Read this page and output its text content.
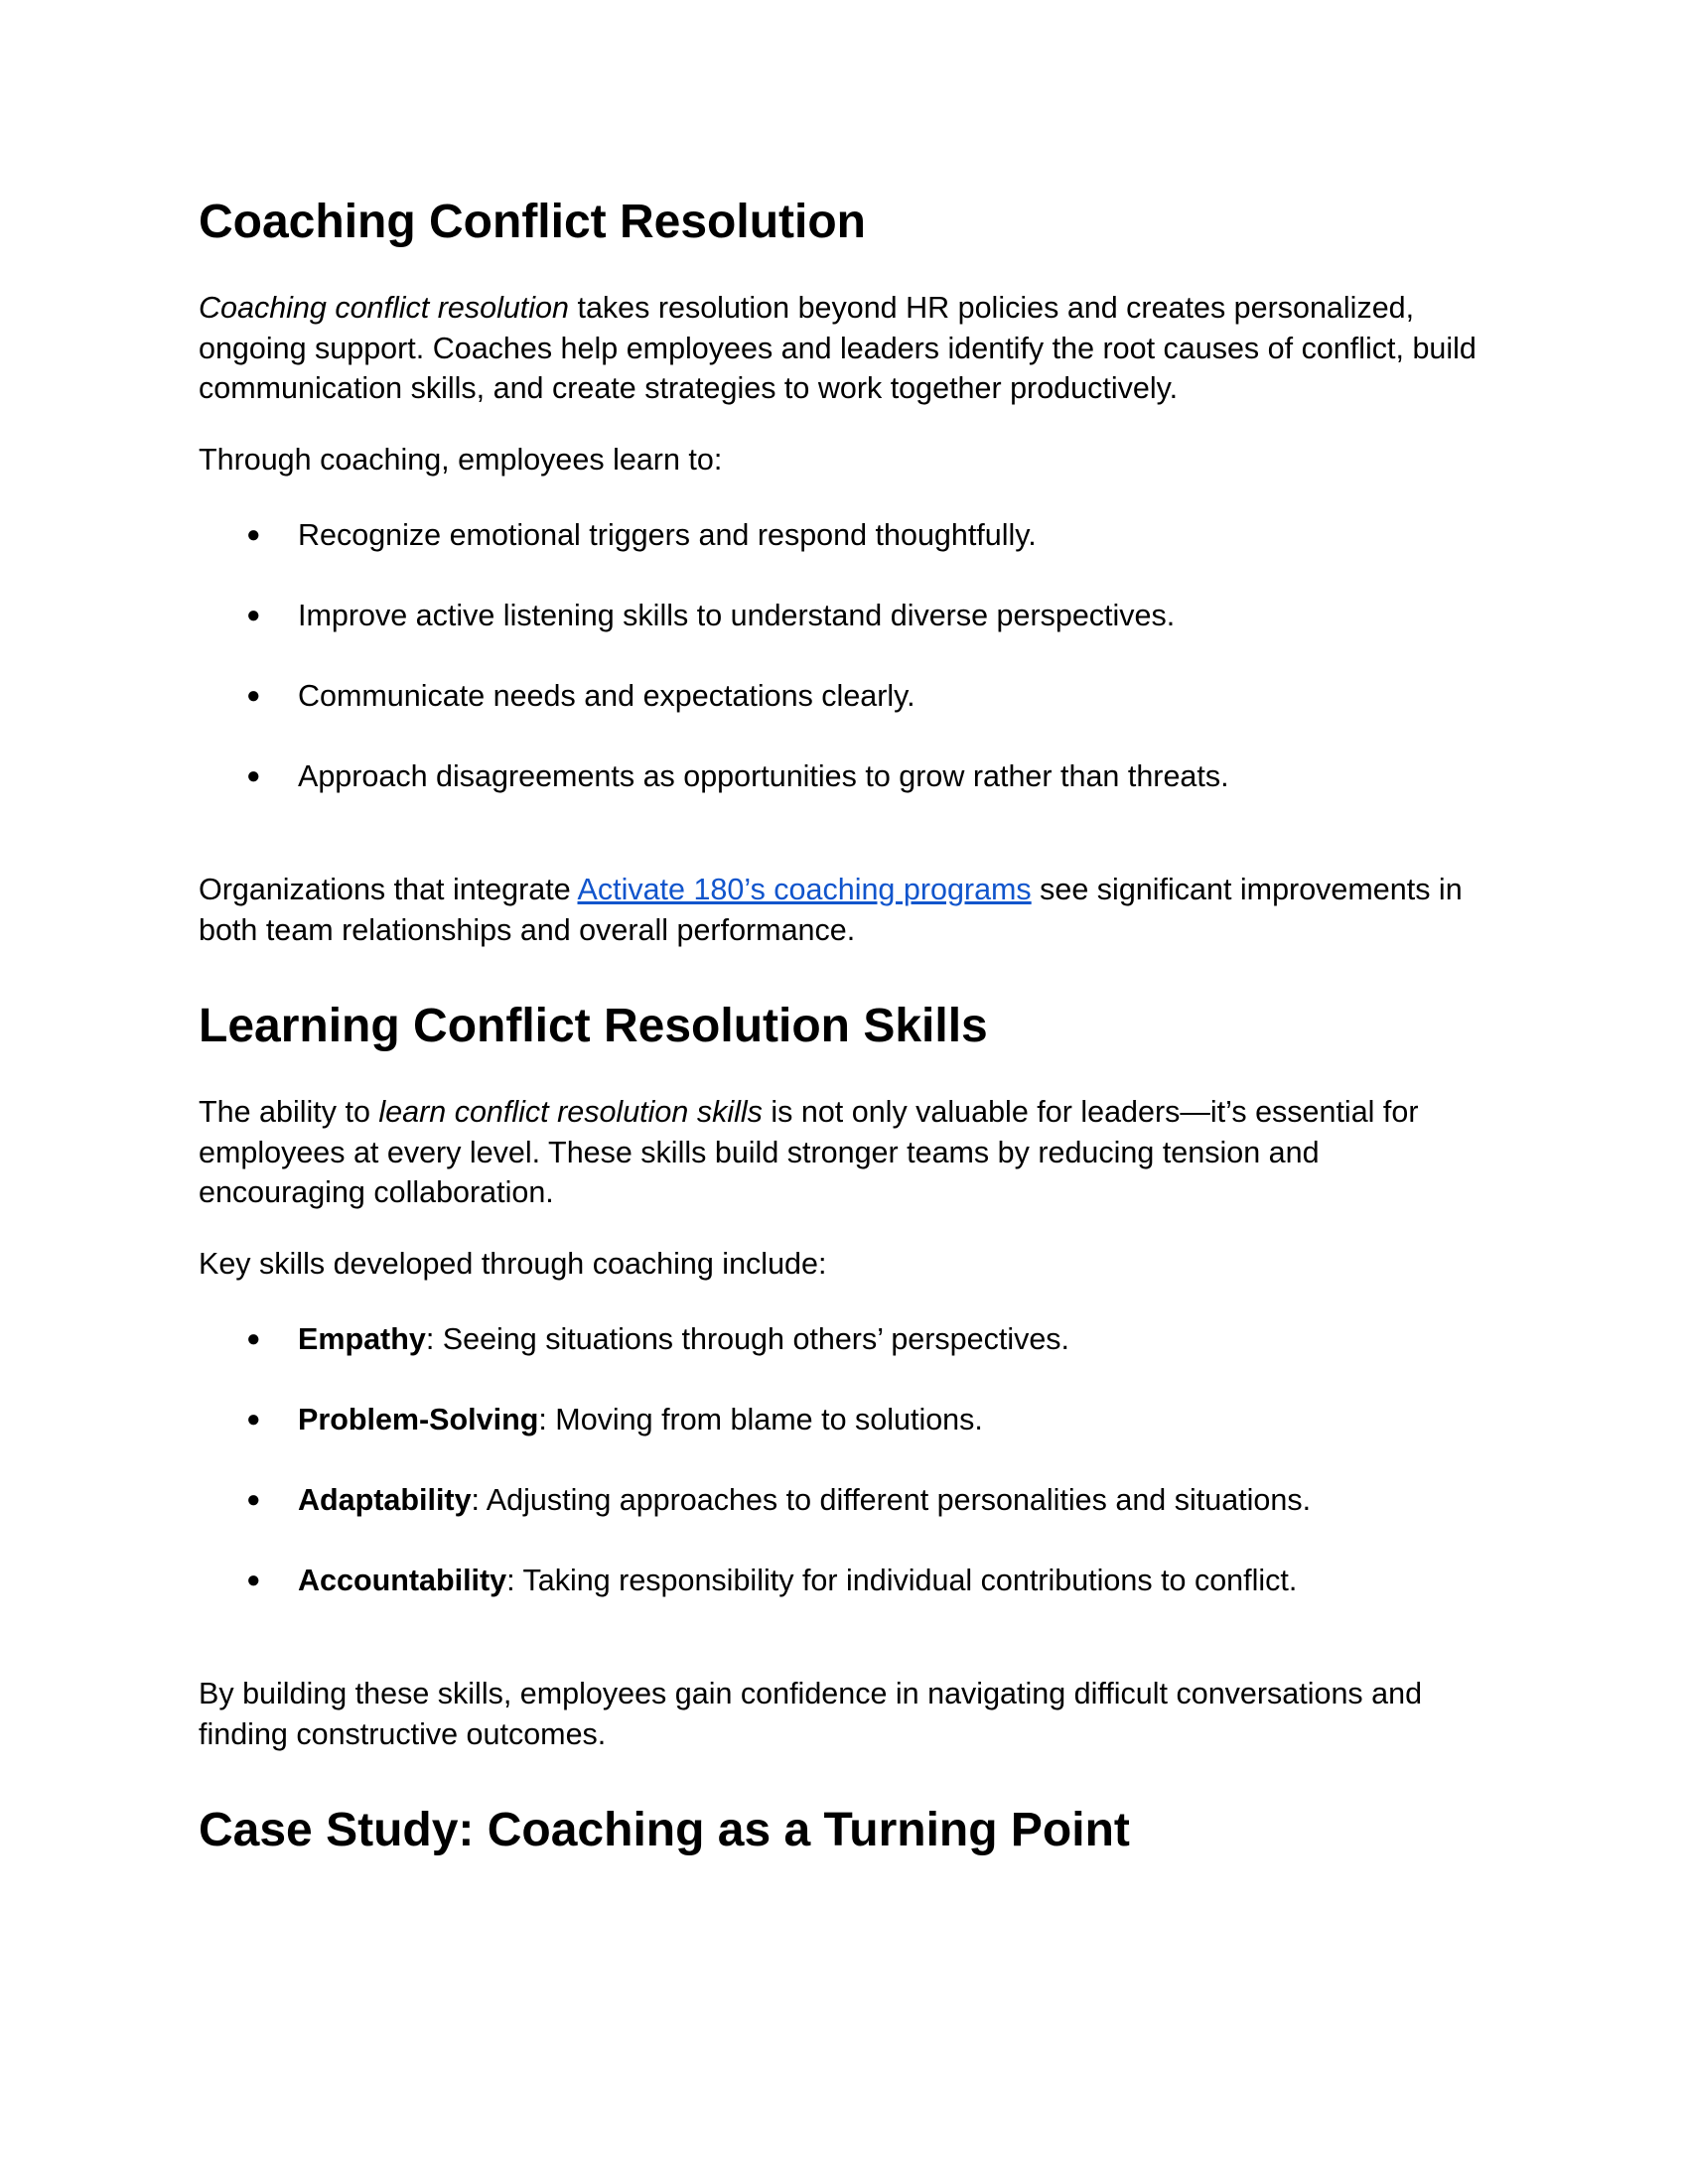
Coaching Conflict Resolution

Coaching conflict resolution takes resolution beyond HR policies and creates personalized, ongoing support. Coaches help employees and leaders identify the root causes of conflict, build communication skills, and create strategies to work together productively.

Through coaching, employees learn to:

● Recognize emotional triggers and respond thoughtfully.
● Improve active listening skills to understand diverse perspectives.
● Communicate needs and expectations clearly.
● Approach disagreements as opportunities to grow rather than threats.

Organizations that integrate Activate 180’s coaching programs see significant improvements in both team relationships and overall performance.

Learning Conflict Resolution Skills

The ability to learn conflict resolution skills is not only valuable for leaders—it’s essential for employees at every level. These skills build stronger teams by reducing tension and encouraging collaboration.

Key skills developed through coaching include:

● Empathy: Seeing situations through others’ perspectives.
● Problem-Solving: Moving from blame to solutions.
● Adaptability: Adjusting approaches to different personalities and situations.
● Accountability: Taking responsibility for individual contributions to conflict.

By building these skills, employees gain confidence in navigating difficult conversations and finding constructive outcomes.

Case Study: Coaching as a Turning Point
